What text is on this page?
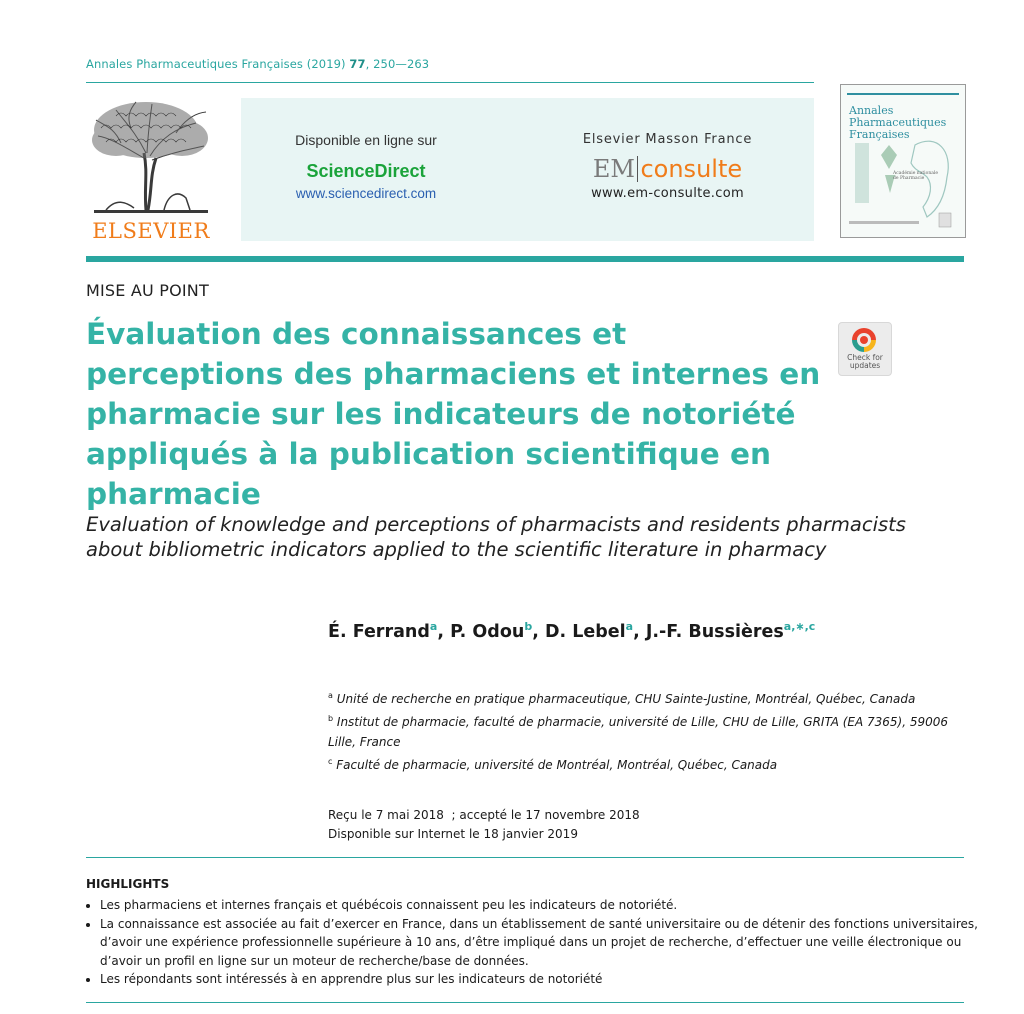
Annales Pharmaceutiques Françaises (2019) 77, 250—263
ELSEVIER
Disponible en ligne sur
ScienceDirect
www.sciencedirect.com
Elsevier Masson France
EM consulte
www.em-consulte.com
Annales Pharmaceutiques Françaises
Académie nationale de Pharmacie
MISE AU POINT
Évaluation des connaissances et perceptions des pharmaciens et internes en pharmacie sur les indicateurs de notoriété appliqués à la publication scientifique en pharmacie
Check for updates
Evaluation of knowledge and perceptions of pharmacists and residents pharmacists about bibliometric indicators applied to the scientific literature in pharmacy
É. Ferrand$^a$, P. Odou$^b$, D. Lebel$^a$, J.-F. Bussières$^{a,∗,c}$
$^a$ Unité de recherche en pratique pharmaceutique, CHU Sainte-Justine, Montréal, Québec, Canada
$^b$ Institut de pharmacie, faculté de pharmacie, université de Lille, CHU de Lille, GRITA (EA 7365), 59006 Lille, France
$^c$ Faculté de pharmacie, université de Montréal, Montréal, Québec, Canada
Reçu le 7 mai 2018  ; accepté le 17 novembre 2018
Disponible sur Internet le 18 janvier 2019
HIGHLIGHTS
• Les pharmaciens et internes français et québécois connaissent peu les indicateurs de notoriété.
• La connaissance est associée au fait d’exercer en France, dans un établissement de santé universitaire ou de détenir des fonctions universitaires, d’avoir une expérience professionnelle supérieure à 10 ans, d’être impliqué dans un projet de recherche, d’effectuer une veille électronique ou d’avoir un profil en ligne sur un moteur de recherche/base de données.
• Les répondants sont intéressés à en apprendre plus sur les indicateurs de notoriété
